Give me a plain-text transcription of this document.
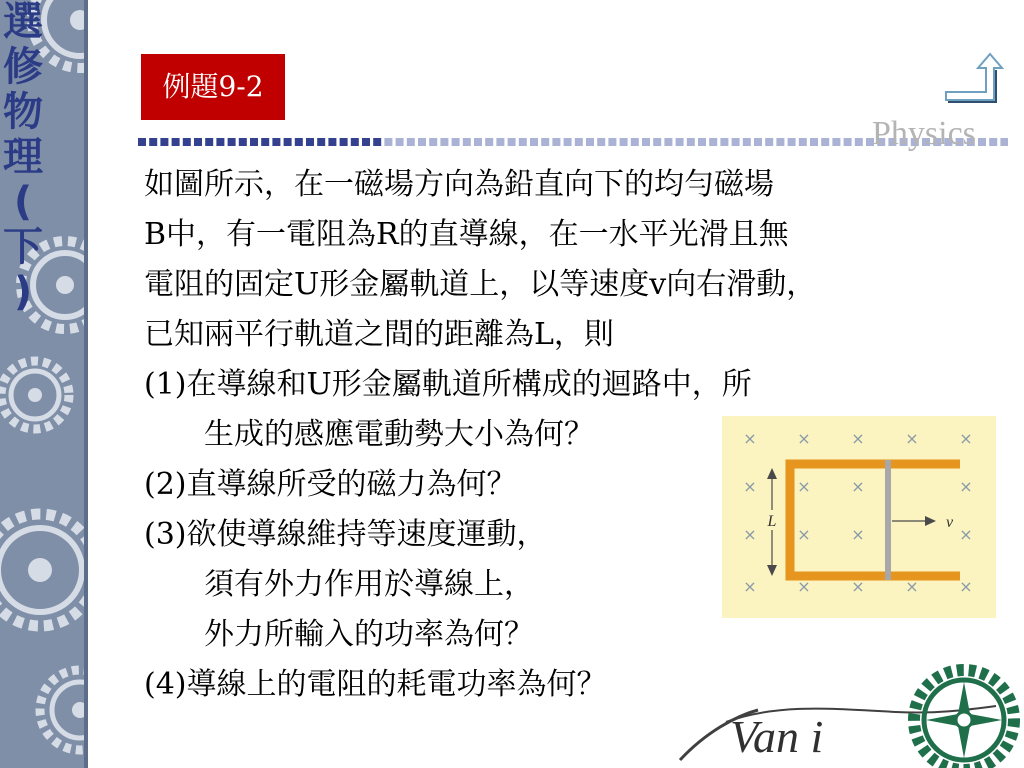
選
修
物
理
(
下
)
例題9-2
Physics
如圖所示，在一磁場方向為鉛直向下的均勻磁場
B中，有一電阻為R的直導線，在一水平光滑且無
電阻的固定U形金屬軌道上，以等速度v向右滑動，
已知兩平行軌道之間的距離為L，則
(1)在導線和U形金屬軌道所構成的迴路中，所
生成的感應電動勢大小為何？
(2)直導線所受的磁力為何？
(3)欲使導線維持等速度運動，
須有外力作用於導線上，
外力所輸入的功率為何？
(4)導線上的電阻的耗電功率為何？
×	×	×	×	×
×	×	×	×
×	×	×	×
×	×	×	×	×
v
L
Van i
